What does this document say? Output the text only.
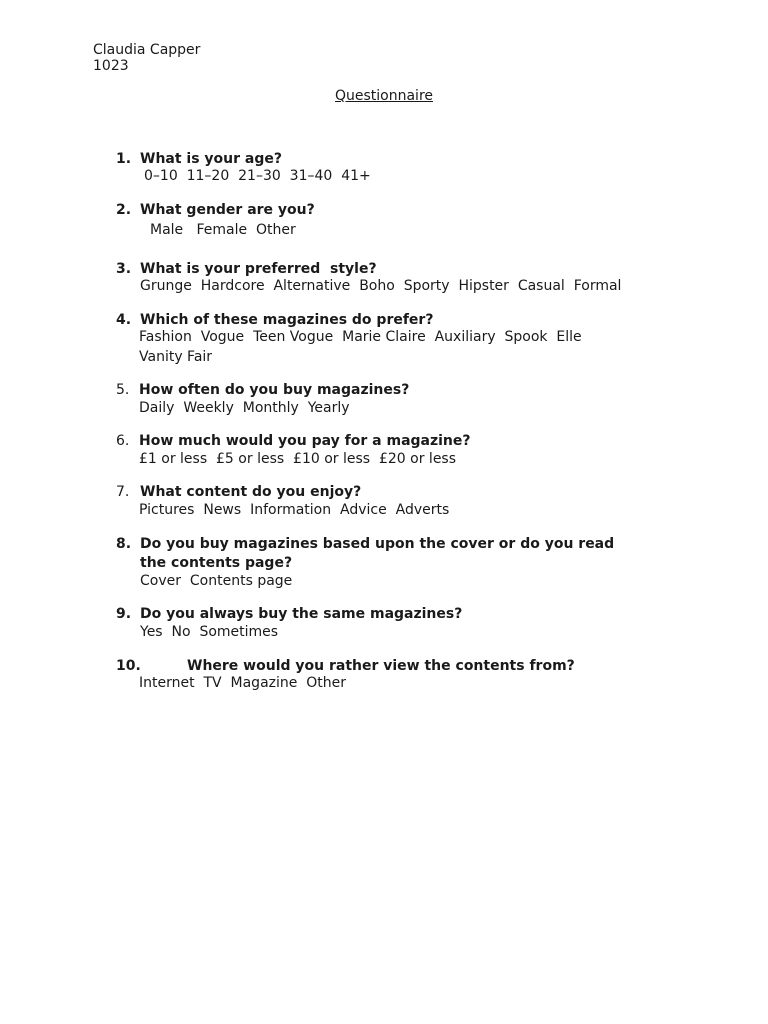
Claudia Capper
1023
Questionnaire
1. What is your age?
0–10  11–20  21–30  31–40  41+
2. What gender are you?
Male   Female  Other
3. What is your preferred  style?
Grunge  Hardcore  Alternative  Boho  Sporty  Hipster  Casual  Formal
4. Which of these magazines do prefer?
Fashion  Vogue  Teen Vogue  Marie Claire  Auxiliary  Spook  Elle
Vanity Fair
5. How often do you buy magazines?
Daily  Weekly  Monthly  Yearly
6. How much would you pay for a magazine?
£1 or less  £5 or less  £10 or less  £20 or less
7. What content do you enjoy?
Pictures  News  Information  Advice  Adverts
8. Do you buy magazines based upon the cover or do you read
the contents page?
Cover  Contents page
9. Do you always buy the same magazines?
Yes  No  Sometimes
10.	Where would you rather view the contents from?
Internet  TV  Magazine  Other
